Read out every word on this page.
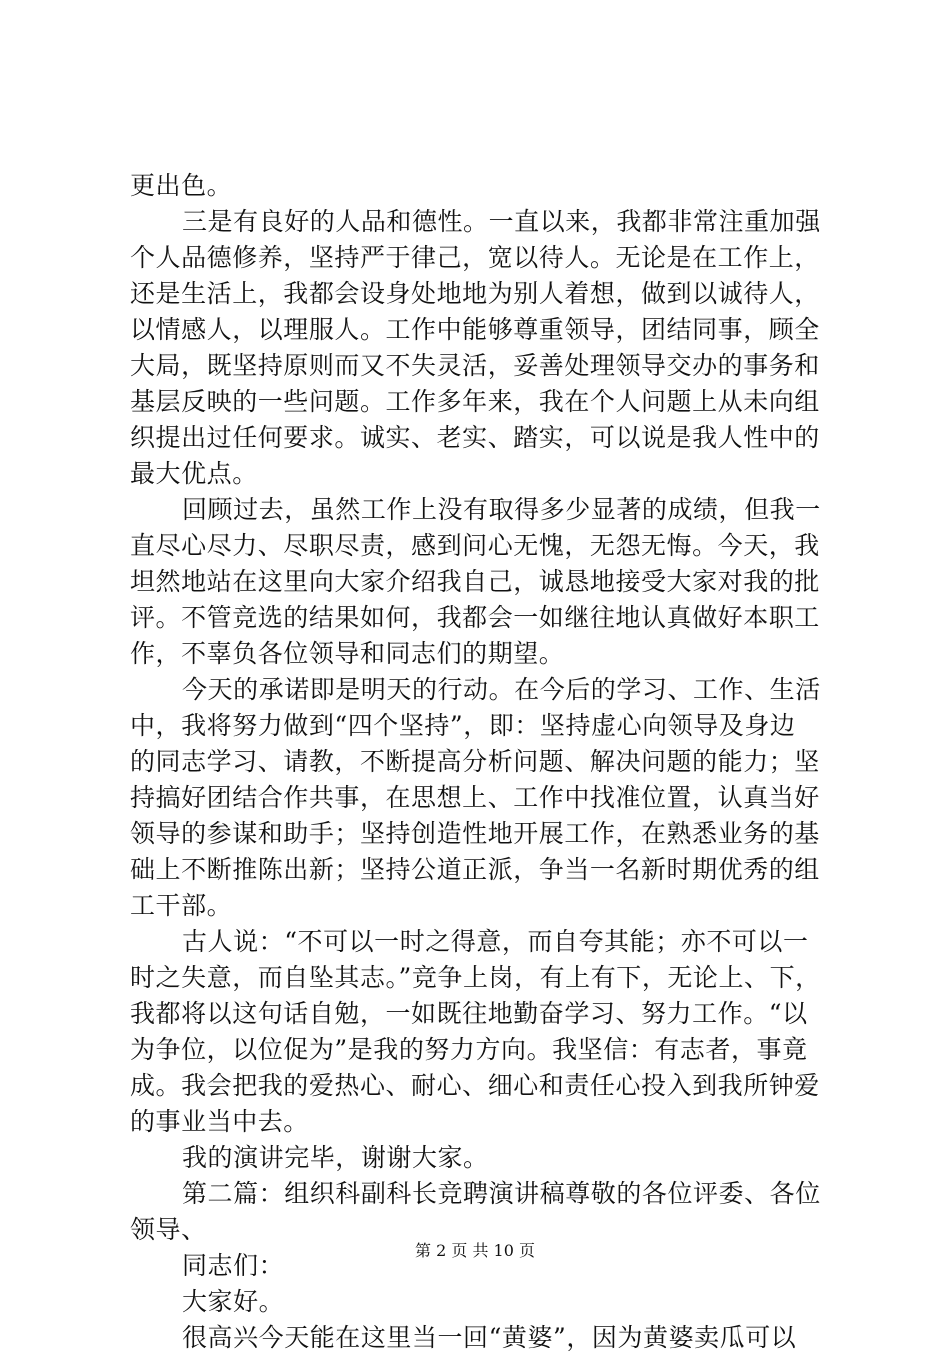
更出色。
三是有良好的人品和德性。一直以来，我都非常注重加强
个人品德修养，坚持严于律己，宽以待人。无论是在工作上，
还是生活上，我都会设身处地地为别人着想，做到以诚待人，
以情感人，以理服人。工作中能够尊重领导，团结同事，顾全
大局，既坚持原则而又不失灵活，妥善处理领导交办的事务和
基层反映的一些问题。工作多年来，我在个人问题上从未向组
织提出过任何要求。诚实、老实、踏实，可以说是我人性中的
最大优点。
回顾过去，虽然工作上没有取得多少显著的成绩，但我一
直尽心尽力、尽职尽责，感到问心无愧，无怨无悔。今天，我
坦然地站在这里向大家介绍我自己，诚恳地接受大家对我的批
评。不管竞选的结果如何，我都会一如继往地认真做好本职工
作，不辜负各位领导和同志们的期望。
今天的承诺即是明天的行动。在今后的学习、工作、生活
中，我将努力做到“四个坚持”，即：坚持虚心向领导及身边
的同志学习、请教，不断提高分析问题、解决问题的能力；坚
持搞好团结合作共事，在思想上、工作中找准位置，认真当好
领导的参谋和助手；坚持创造性地开展工作，在熟悉业务的基
础上不断推陈出新；坚持公道正派，争当一名新时期优秀的组
工干部。
古人说：“不可以一时之得意，而自夸其能；亦不可以一
时之失意，而自坠其志。”竞争上岗，有上有下，无论上、下，
我都将以这句话自勉，一如既往地勤奋学习、努力工作。“以
为争位，以位促为”是我的努力方向。我坚信：有志者，事竟
成。我会把我的爱热心、耐心、细心和责任心投入到我所钟爱
的事业当中去。
我的演讲完毕，谢谢大家。
第二篇：组织科副科长竞聘演讲稿尊敬的各位评委、各位
领导、
同志们：
大家好。
很高兴今天能在这里当一回“黄婆”，因为黄婆卖瓜可以
第 2 页 共 10 页
